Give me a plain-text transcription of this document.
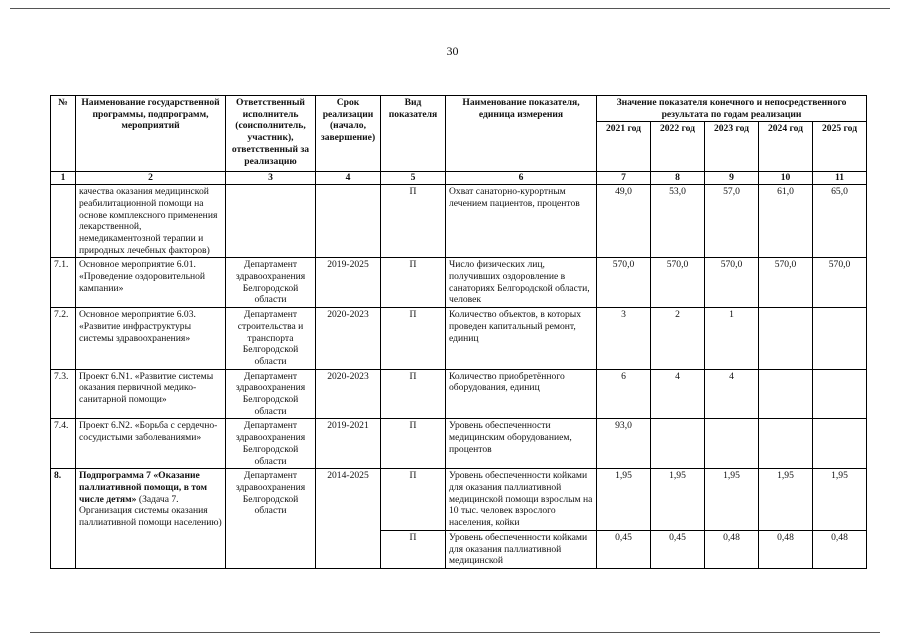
30
№	Наименование государственной программы, подпрограмм, мероприятий	Ответственный исполнитель (соисполнитель, участник), ответственный за реализацию	Срок реализации (начало, завершение)	Вид показателя	Наименование показателя, единица измерения	Значение показателя конечного и непосредственного результата по годам реализации				
						2021 год	2022 год	2023 год	2024 год	2025 год
1	2	3	4	5	6	7	8	9	10	11
	качества оказания медицинской реабилитационной помощи на основе комплексного применения лекарственной, немедикаментозной терапии и природных лечебных факторов)			П	Охват санаторно-курортным лечением пациентов, процентов	49,0	53,0	57,0	61,0	65,0
7.1.	Основное мероприятие 6.01. «Проведение оздоровительной кампании»	Департамент здравоохранения Белгородской области	2019-2025	П	Число физических лиц, получивших оздоровление в санаториях Белгородской области, человек	570,0	570,0	570,0	570,0	570,0
7.2.	Основное мероприятие 6.03. «Развитие инфраструктуры системы здравоохранения»	Департамент строительства и транспорта Белгородской области	2020-2023	П	Количество объектов, в которых проведен капитальный ремонт, единиц	3	2	1		
7.3.	Проект 6.N1. «Развитие системы оказания первичной медико-санитарной помощи»	Департамент здравоохранения Белгородской области	2020-2023	П	Количество приобретённого оборудования, единиц	6	4	4		
7.4.	Проект 6.N2. «Борьба с сердечно-сосудистыми заболеваниями»	Департамент здравоохранения Белгородской области	2019-2021	П	Уровень обеспеченности медицинским оборудованием, процентов	93,0				
8.	Подпрограмма 7 «Оказание паллиативной помощи, в том числе детям» (Задача 7. Организация системы оказания паллиативной помощи населению)	Департамент здравоохранения Белгородской области	2014-2025	П	Уровень обеспеченности койками для оказания паллиативной медицинской помощи взрослым на 10 тыс. человек взрослого населения, койки	1,95	1,95	1,95	1,95	1,95
				П	Уровень обеспеченности койками для оказания паллиативной медицинской	0,45	0,45	0,48	0,48	0,48
